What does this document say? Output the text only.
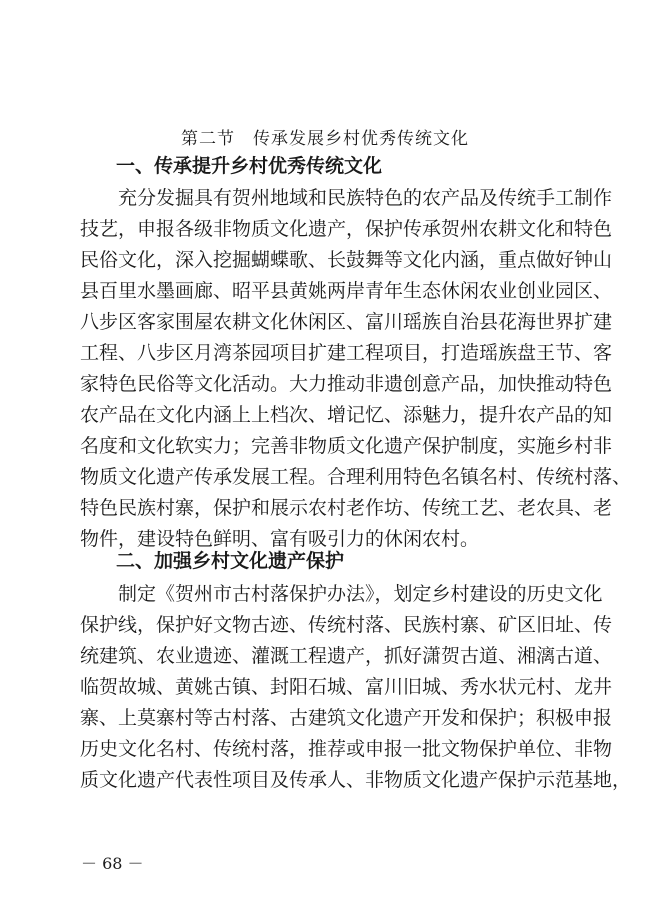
第二节　传承发展乡村优秀传统文化
一、传承提升乡村优秀传统文化
充分发掘具有贺州地域和民族特色的农产品及传统手工制作
技艺，申报各级非物质文化遗产，保护传承贺州农耕文化和特色
民俗文化，深入挖掘蝴蝶歌、长鼓舞等文化内涵，重点做好钟山
县百里水墨画廊、昭平县黄姚两岸青年生态休闲农业创业园区、
八步区客家围屋农耕文化休闲区、富川瑶族自治县花海世界扩建
工程、八步区月湾茶园项目扩建工程项目，打造瑶族盘王节、客
家特色民俗等文化活动。大力推动非遗创意产品，加快推动特色
农产品在文化内涵上上档次、增记忆、添魅力，提升农产品的知
名度和文化软实力；完善非物质文化遗产保护制度，实施乡村非
物质文化遗产传承发展工程。合理利用特色名镇名村、传统村落、
特色民族村寨，保护和展示农村老作坊、传统工艺、老农具、老
物件，建设特色鲜明、富有吸引力的休闲农村。
二、加强乡村文化遗产保护
制定《贺州市古村落保护办法》，划定乡村建设的历史文化
保护线，保护好文物古迹、传统村落、民族村寨、矿区旧址、传
统建筑、农业遗迹、灌溉工程遗产，抓好潇贺古道、湘漓古道、
临贺故城、黄姚古镇、封阳石城、富川旧城、秀水状元村、龙井
寨、上莫寨村等古村落、古建筑文化遗产开发和保护；积极申报
历史文化名村、传统村落，推荐或申报一批文物保护单位、非物
质文化遗产代表性项目及传承人、非物质文化遗产保护示范基地，
－ 68 －
